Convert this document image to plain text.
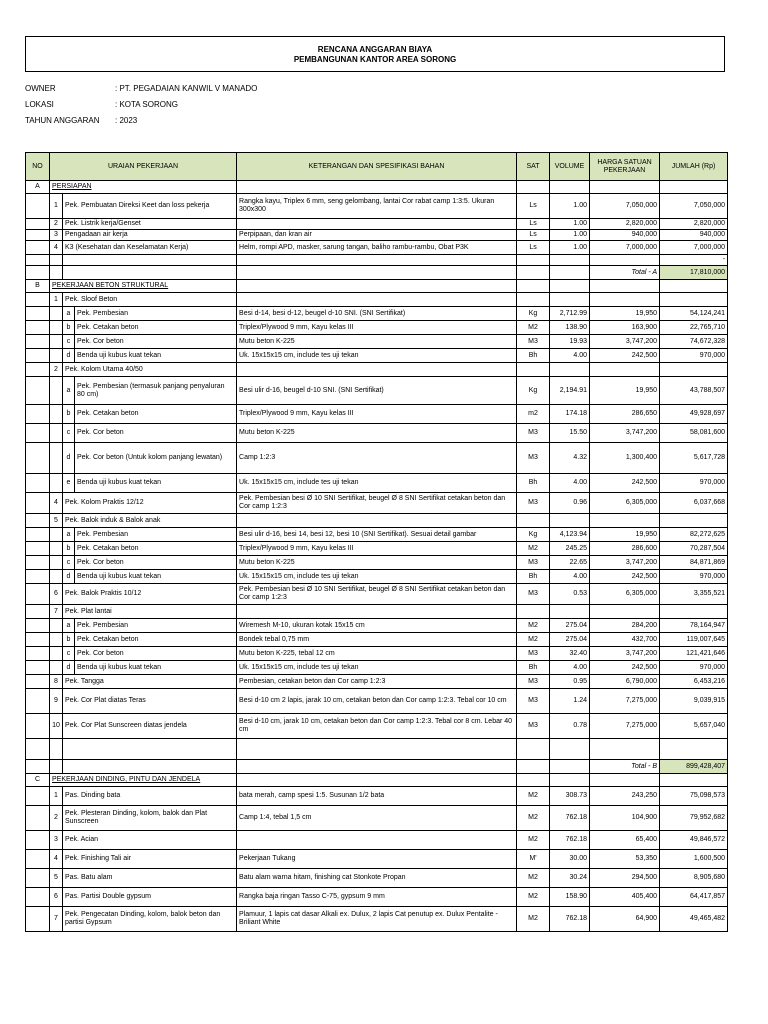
RENCANA ANGGARAN BIAYA
PEMBANGUNAN KANTOR AREA SORONG
OWNER	: PT. PEGADAIAN KANWIL V MANADO
LOKASI	: KOTA SORONG
TAHUN ANGGARAN	: 2023
NO	URAIAN PEKERJAAN			KETERANGAN DAN SPESIFIKASI BAHAN	SAT	VOLUME	HARGA SATUAN PEKERJAAN	JUMLAH (Rp)
A	PERSIAPAN							
	1	Pek. Pembuatan Direksi Keet dan loss pekerja		Rangka kayu, Triplex 6 mm, seng gelombang, lantai Cor rabat camp 1:3:5. Ukuran 300x300	Ls	1.00	7,050,000	7,050,000
	2	Pek. Listrik kerja/Genset			Ls	1.00	2,820,000	2,820,000
	3	Pengadaan air kerja		Perpipaan, dan kran air	Ls	1.00	940,000	940,000
	4	K3 (Kesehatan dan Keselamatan Kerja)		Helm, rompi APD, masker, sarung tangan, baliho rambu-rambu, Obat P3K	Ls	1.00	7,000,000	7,000,000
								-
							Total - A	17,810,000
B	PEKERJAAN BETON STRUKTURAL							
	1	Pek. Sloof Beton						
		a	Pek. Pembesian	Besi d-14, besi d-12, beugel d-10 SNI. (SNI Sertifikat)	Kg	2,712.99	19,950	54,124,241
		b	Pek. Cetakan beton	Triplex/Plywood 9 mm, Kayu kelas III	M2	138.90	163,900	22,765,710
		c	Pek. Cor beton	Mutu beton K-225	M3	19.93	3,747,200	74,672,328
		d	Benda uji kubus kuat tekan	Uk. 15x15x15 cm, include tes uji tekan	Bh	4.00	242,500	970,000
	2	Pek. Kolom Utama 40/50						
		a	Pek. Pembesian (termasuk panjang penyaluran 80 cm)	Besi ulir d-16, beugel d-10 SNI. (SNI Sertifikat)	Kg	2,194.91	19,950	43,788,507
		b	Pek. Cetakan beton	Triplex/Plywood 9 mm, Kayu kelas III	m2	174.18	286,650	49,928,697
		c	Pek. Cor beton	Mutu beton K-225	M3	15.50	3,747,200	58,081,600
		d	Pek. Cor beton (Untuk kolom panjang lewatan)	Camp 1:2:3	M3	4.32	1,300,400	5,617,728
		e	Benda uji kubus kuat tekan	Uk. 15x15x15 cm, include tes uji tekan	Bh	4.00	242,500	970,000
	4	Pek. Kolom Praktis 12/12		Pek. Pembesian besi Ø 10 SNI Sertifikat, beugel Ø 8 SNI Sertifikat cetakan beton dan Cor camp 1:2:3	M3	0.96	6,305,000	6,037,668
	5	Pek. Balok induk & Balok anak						
		a	Pek. Pembesian	Besi ulir d-16, besi 14, besi 12, besi 10 (SNI Sertifikat). Sesuai detail gambar	Kg	4,123.94	19,950	82,272,625
		b	Pek. Cetakan beton	Triplex/Plywood 9 mm, Kayu kelas III	M2	245.25	286,600	70,287,504
		c	Pek. Cor beton	Mutu beton K-225	M3	22.65	3,747,200	84,871,869
		d	Benda uji kubus kuat tekan	Uk. 15x15x15 cm, include tes uji tekan	Bh	4.00	242,500	970,000
	6	Pek. Balok Praktis 10/12		Pek. Pembesian besi Ø 10 SNI Sertifikat, beugel Ø 8 SNI Sertifikat cetakan beton dan Cor camp 1:2:3	M3	0.53	6,305,000	3,355,521
	7	Pek. Plat lantai						
		a	Pek. Pembesian	Wiremesh M-10, ukuran kotak 15x15 cm	M2	275.04	284,200	78,164,947
		b	Pek. Cetakan beton	Bondek tebal 0,75 mm	M2	275.04	432,700	119,007,645
		c	Pek. Cor beton	Mutu beton K-225, tebal 12 cm	M3	32.40	3,747,200	121,421,646
		d	Benda uji kubus kuat tekan	Uk. 15x15x15 cm, include tes uji tekan	Bh	4.00	242,500	970,000
	8	Pek. Tangga		Pembesian, cetakan beton dan Cor camp 1:2:3	M3	0.95	6,790,000	6,453,216
	9	Pek. Cor Plat diatas Teras		Besi d-10 cm 2 lapis, jarak 10 cm, cetakan beton dan Cor camp 1:2:3. Tebal cor 10 cm	M3	1.24	7,275,000	9,039,915
	10	Pek. Cor Plat Sunscreen diatas jendela		Besi d-10 cm, jarak 10 cm, cetakan beton dan Cor camp 1:2:3. Tebal cor 8 cm. Lebar 40 cm	M3	0.78	7,275,000	5,657,040

							Total - B	899,428,407
C	PEKERJAAN DINDING, PINTU DAN JENDELA							
	1	Pas. Dinding bata		bata merah, camp spesi 1:5. Susunan 1/2 bata	M2	308.73	243,250	75,098,573
	2	Pek. Plesteran Dinding, kolom, balok dan Plat Sunscreen		Camp 1:4, tebal 1,5 cm	M2	762.18	104,900	79,952,682
	3	Pek. Acian			M2	762.18	65,400	49,846,572
	4	Pek. Finishing Tali air		Pekerjaan Tukang	M'	30.00	53,350	1,600,500
	5	Pas. Batu alam		Batu alam warna hitam, finishing cat Stonkote Propan	M2	30.24	294,500	8,905,680
	6	Pas. Partisi Double gypsum		Rangka baja ringan Tasso C-75, gypsum 9 mm	M2	158.90	405,400	64,417,857
	7	Pek. Pengecatan Dinding, kolom, balok beton dan partisi Gypsum		Plamuur, 1 lapis cat dasar Alkali ex. Dulux, 2 lapis Cat penutup ex. Dulux Pentalite -Briliant White	M2	762.18	64,900	49,465,482
